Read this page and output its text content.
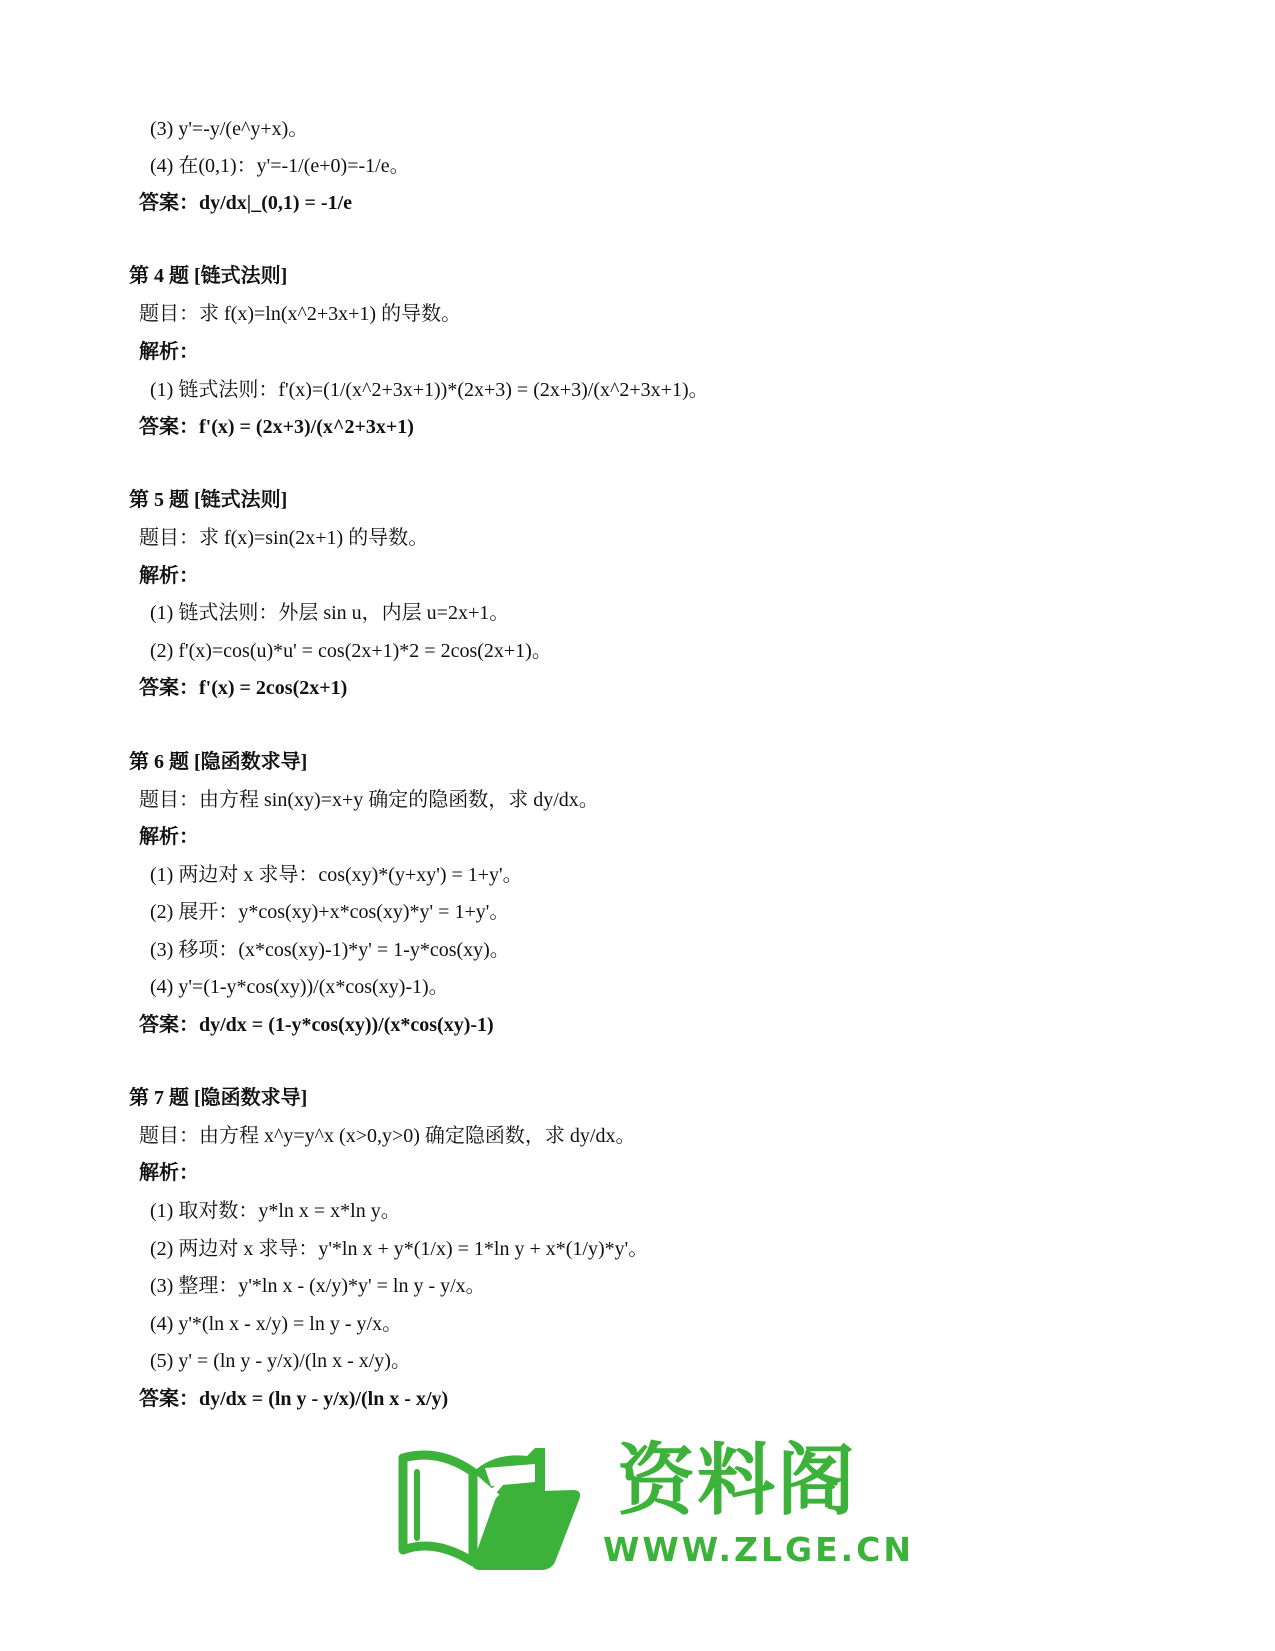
(3) y'=-y/(e^y+x)。
(4) 在(0,1)：y'=-1/(e+0)=-1/e。
答案：dy/dx|_(0,1) = -1/e
第 4 题 [链式法则]
题目：求 f(x)=ln(x^2+3x+1) 的导数。
解析：
(1) 链式法则：f'(x)=(1/(x^2+3x+1))*(2x+3) = (2x+3)/(x^2+3x+1)。
答案：f'(x) = (2x+3)/(x^2+3x+1)
第 5 题 [链式法则]
题目：求 f(x)=sin(2x+1) 的导数。
解析：
(1) 链式法则：外层 sin u，内层 u=2x+1。
(2) f'(x)=cos(u)*u' = cos(2x+1)*2 = 2cos(2x+1)。
答案：f'(x) = 2cos(2x+1)
第 6 题 [隐函数求导]
题目：由方程 sin(xy)=x+y 确定的隐函数，求 dy/dx。
解析：
(1) 两边对 x 求导：cos(xy)*(y+xy') = 1+y'。
(2) 展开：y*cos(xy)+x*cos(xy)*y' = 1+y'。
(3) 移项：(x*cos(xy)-1)*y' = 1-y*cos(xy)。
(4) y'=(1-y*cos(xy))/(x*cos(xy)-1)。
答案：dy/dx = (1-y*cos(xy))/(x*cos(xy)-1)
第 7 题 [隐函数求导]
题目：由方程 x^y=y^x (x>0,y>0) 确定隐函数，求 dy/dx。
解析：
(1) 取对数：y*ln x = x*ln y。
(2) 两边对 x 求导：y'*ln x + y*(1/x) = 1*ln y + x*(1/y)*y'。
(3) 整理：y'*ln x - (x/y)*y' = ln y - y/x。
(4) y'*(ln x - x/y) = ln y - y/x。
(5) y' = (ln y - y/x)/(ln x - x/y)。
答案：dy/dx = (ln y - y/x)/(ln x - x/y)
资料阁
WWW.ZLGE.CN
